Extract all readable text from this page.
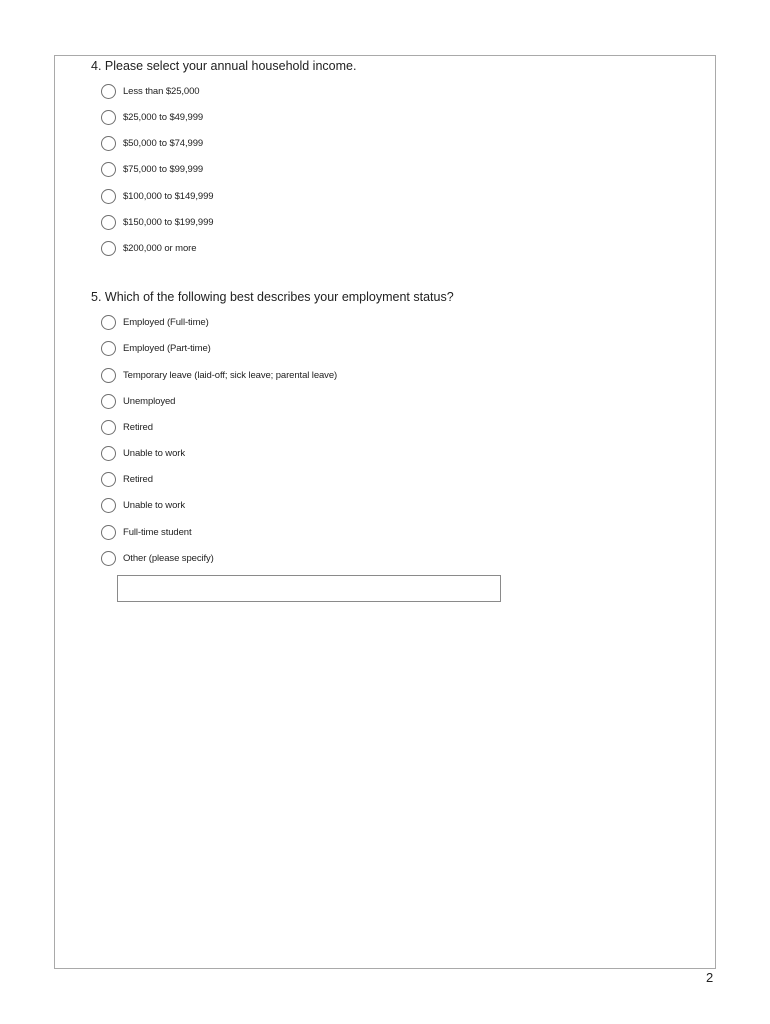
4. Please select your annual household income.
Less than $25,000
$25,000 to $49,999
$50,000 to $74,999
$75,000 to $99,999
$100,000 to $149,999
$150,000 to $199,999
$200,000 or more
5. Which of the following best describes your employment status?
Employed (Full-time)
Employed (Part-time)
Temporary leave (laid-off; sick leave; parental leave)
Unemployed
Retired
Unable to work
Retired
Unable to work
Full-time student
Other (please specify)
2
